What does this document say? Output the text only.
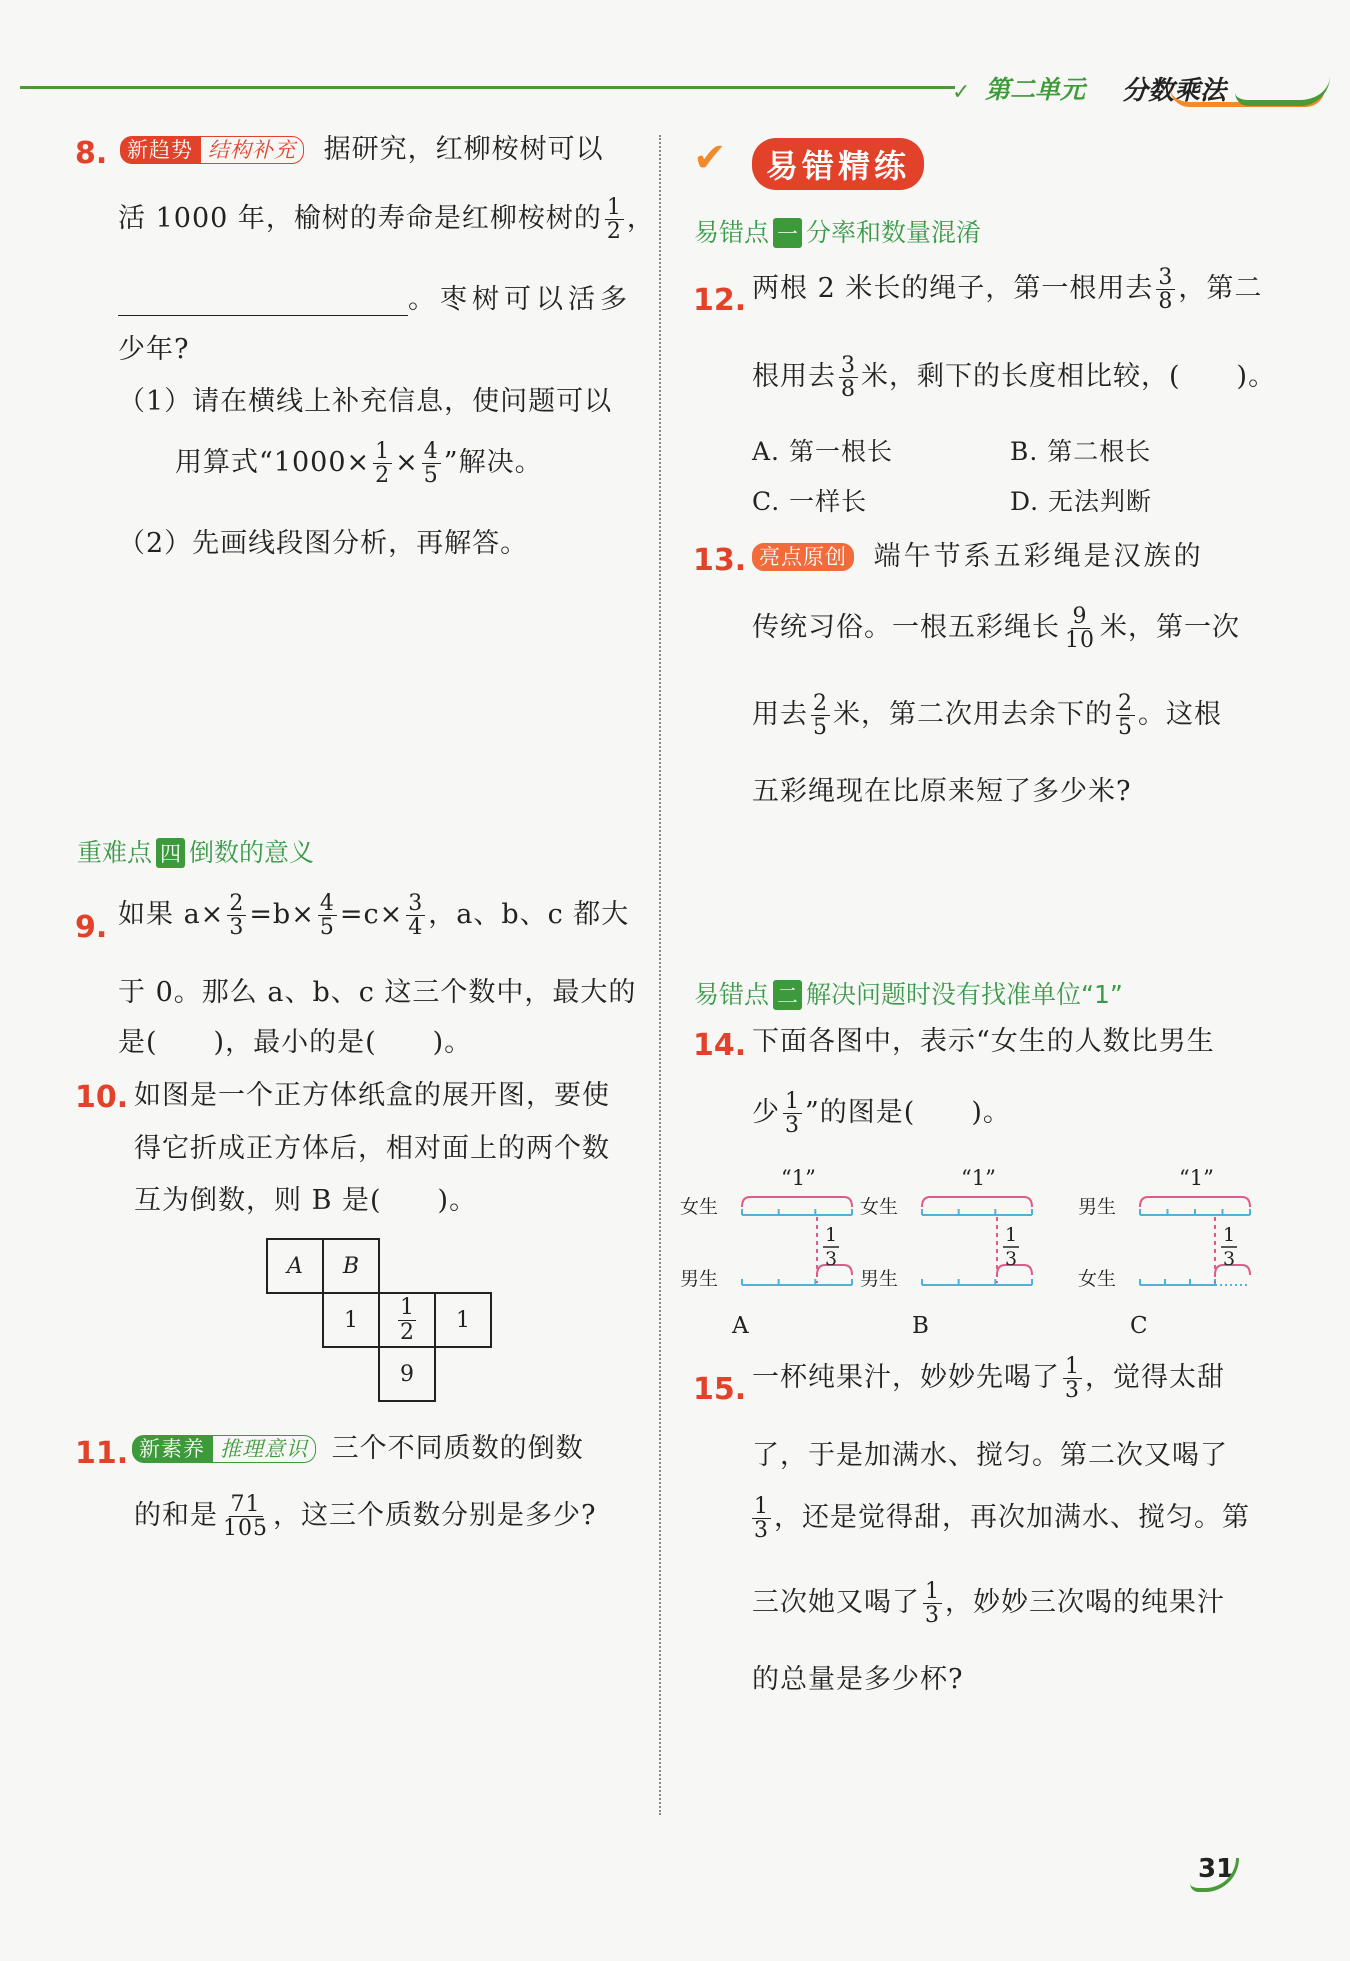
✓ 第二单元 分数乘法
8. 新趋势 结构补充 据研究，红柳桉树可以
活 1000 年，榆树的寿命是红柳桉树的 $\frac{1}{2}$ ，
。枣树可以活多
少年?
（1）请在横线上补充信息，使问题可以
用算式“$1000\times \frac{1}{2} \times \frac{4}{5}$ ”解决。
（2）先画线段图分析，再解答。
重难点 四 倒数的意义
9. 如果 $a\times \frac{2}{3} =b\times \frac{4}{5} =c\times \frac{3}{4}$ ，a、b、c 都大
于 0。那么 a、b、c 这三个数中，最大的
是(　　)，最小的是(　　)。
10. 如图是一个正方体纸盒的展开图，要使
得它折成正方体后，相对面上的两个数
互为倒数，则 B 是(　　)。
A B
$1 \frac{1}{2} 1$
9
11. 新素养 推理意识 三个不同质数的倒数
的和是 $\frac{71}{105}$ ，这三个质数分别是多少?
✔	易错精练
易错点 一 分率和数量混淆
12. 两根 2 米长的绳子，第一根用去 $\frac{3}{8}$ ，第二
根用去 $\frac{3}{8}$ 米，剩下的长度相比较，(　　)。
A. 第一根长	B. 第二根长
C. 一样长	D. 无法判断
13. 亮点原创 端午节系五彩绳是汉族的
传统习俗。一根五彩绳长 $\frac{9}{10}$ 米，第一次
用去 $\frac{2}{5}$ 米，第二次用去余下的 $\frac{2}{5}$ 。这根
五彩绳现在比原来短了多少米?
易错点 二 解决问题时没有找准单位“1”
14. 下面各图中，表示“女生的人数比男生
少 $\frac{1}{3}$ ”的图是(　　)。
“1”
女生
男生
1
3
A
“1”
女生
男生
1
3
B
“1”
男生
女生
1
3
C
15. 一杯纯果汁，妙妙先喝了 $\frac{1}{3}$ ，觉得太甜
了，于是加满水、搅匀。第二次又喝了
$\frac{1}{3}$ ，还是觉得甜，再次加满水、搅匀。第
三次她又喝了 $\frac{1}{3}$ ，妙妙三次喝的纯果汁
的总量是多少杯?
31
